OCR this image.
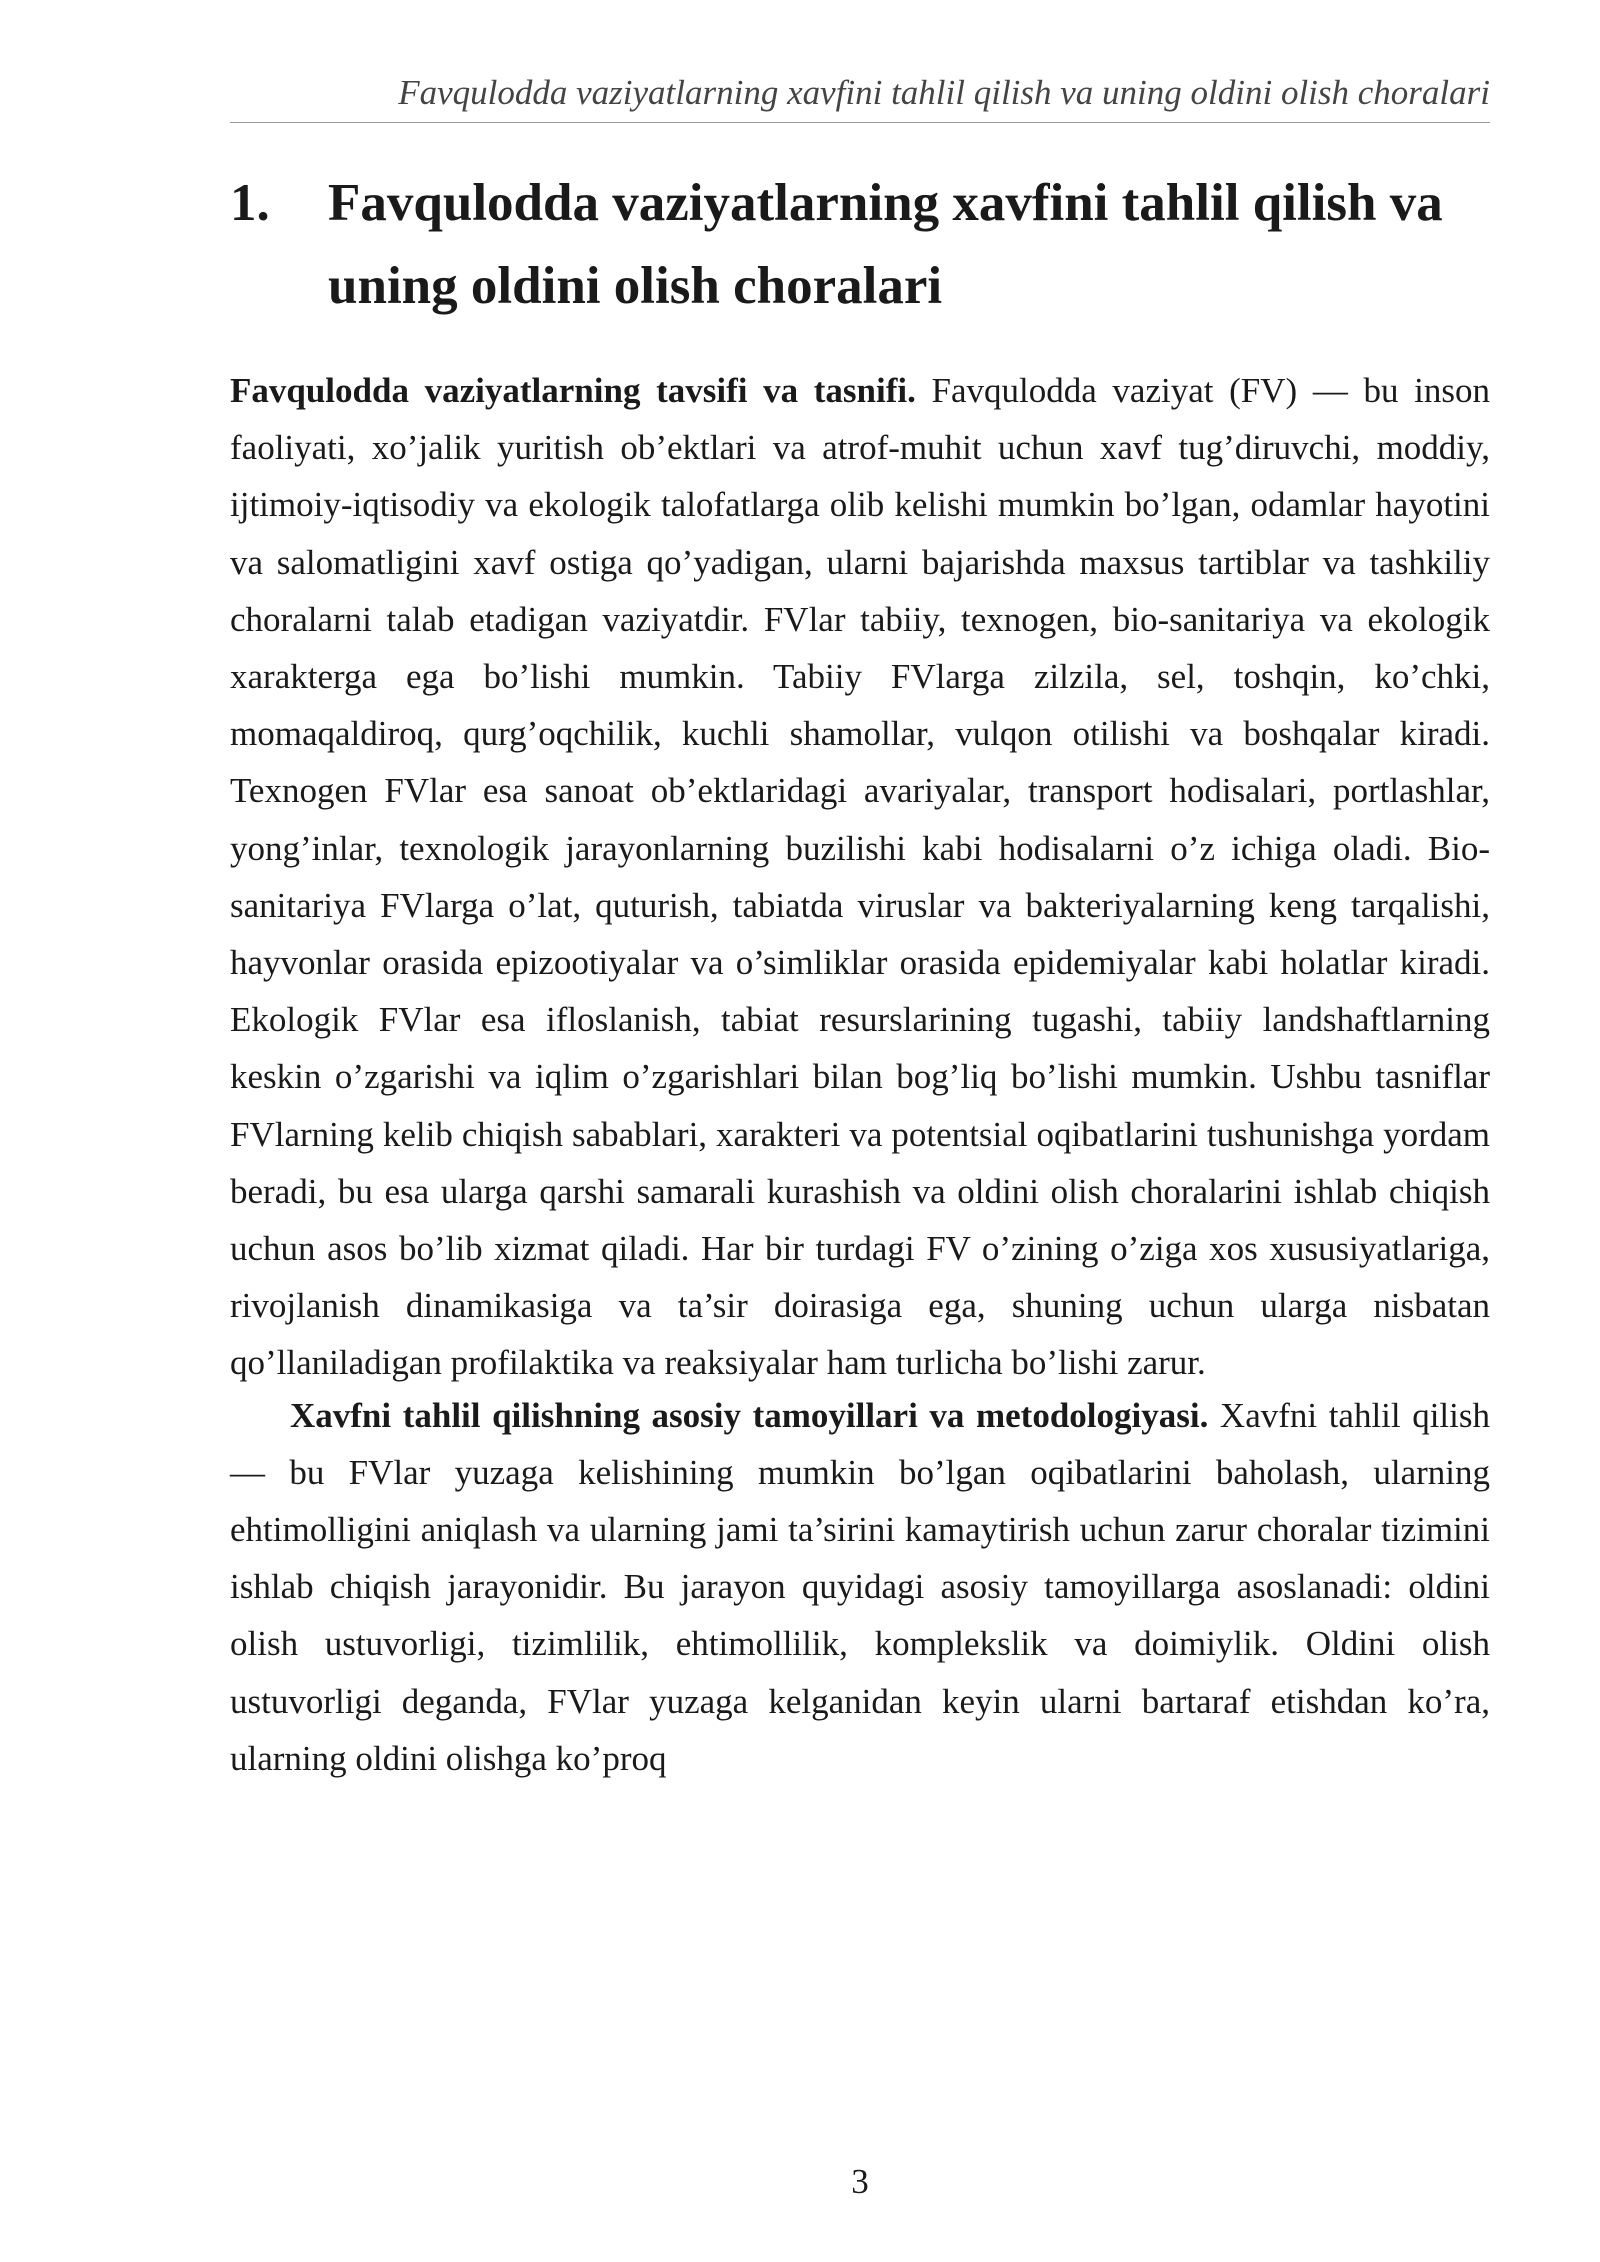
Favqulodda vaziyatlarning xavfini tahlil qilish va uning oldini olish choralari
1. Favqulodda vaziyatlarning xavfini tahlil qilish va uning oldini olish choralari

Favqulodda vaziyatlarning tavsifi va tasnifi. Favqulodda vaziyat (FV) — bu inson faoliyati, xo’jalik yuritish ob’ektlari va atrof-muhit uchun xavf tug’diruvchi, moddiy, ijtimoiy-iqtisodiy va ekologik talofatlarga olib kelishi mumkin bo’lgan, odamlar hayotini va salomatligini xavf ostiga qo’yadigan, ularni bajarishda maxsus tartiblar va tashkiliy choralarni talab etadigan vaziyatdir. FVlar tabiiy, texnogen, bio-sanitariya va ekologik xarakterga ega bo’lishi mumkin. Tabiiy FVlarga zilzila, sel, toshqin, ko’chki, momaqaldiroq, qurg’oqchilik, kuchli shamollar, vulqon otilishi va boshqalar kiradi. Texnogen FVlar esa sanoat ob’ektlaridagi avariyalar, transport hodisalari, portlashlar, yong’inlar, texnologik jarayonlarning buzilishi kabi hodisalarni o’z ichiga oladi. Bio-sanitariya FVlarga o’lat, quturish, tabiatda viruslar va bakteriyalarning keng tarqalishi, hayvonlar orasida epizootiyalar va o’simliklar orasida epidemiyalar kabi holatlar kiradi. Ekologik FVlar esa ifloslanish, tabiat resurslarining tugashi, tabiiy landshaftlarning keskin o’zgarishi va iqlim o’zgarishlari bilan bog’liq bo’lishi mumkin. Ushbu tasniflar FVlarning kelib chiqish sabablari, xarakteri va potentsial oqibatlarini tushunishga yordam beradi, bu esa ularga qarshi samarali kurashish va oldini olish choralarini ishlab chiqish uchun asos bo’lib xizmat qiladi. Har bir turdagi FV o’zining o’ziga xos xususiyatlariga, rivojlanish dinamikasiga va ta’sir doirasiga ega, shuning uchun ularga nisbatan qo’llaniladigan profilaktika va reaksiyalar ham turlicha bo’lishi zarur.

Xavfni tahlil qilishning asosiy tamoyillari va metodologiyasi. Xavfni tahlil qilish — bu FVlar yuzaga kelishining mumkin bo’lgan oqibatlarini baholash, ularning ehtimolligini aniqlash va ularning jami ta’sirini kamaytirish uchun zarur choralar tizimini ishlab chiqish jarayonidir. Bu jarayon quyidagi asosiy tamoyillarga asoslanadi: oldini olish ustuvorligi, tizimlilik, ehtimollilik, komplekslik va doimiylik. Oldini olish ustuvorligi deganda, FVlar yuzaga kelganidan keyin ularni bartaraf etishdan ko’ra, ularning oldini olishga ko’proq

3
